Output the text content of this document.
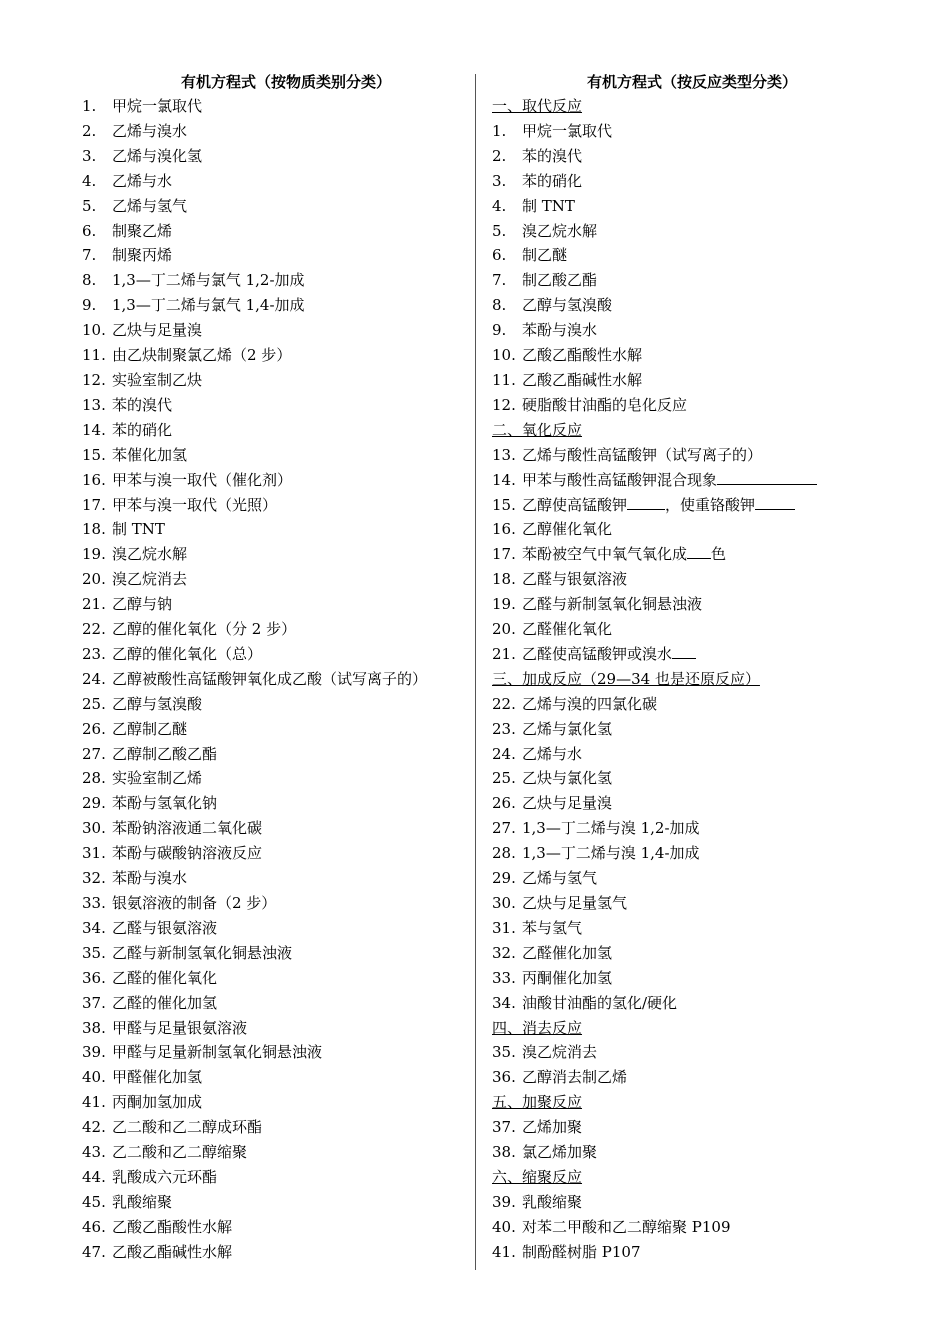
有机方程式（按物质类别分类）
1. 甲烷一氯取代
2. 乙烯与溴水
3. 乙烯与溴化氢
4. 乙烯与水
5. 乙烯与氢气
6. 制聚乙烯
7. 制聚丙烯
8. 1,3—丁二烯与氯气 1,2-加成
9. 1,3—丁二烯与氯气 1,4-加成
10. 乙炔与足量溴
11. 由乙炔制聚氯乙烯（2 步）
12. 实验室制乙炔
13. 苯的溴代
14. 苯的硝化
15. 苯催化加氢
16. 甲苯与溴一取代（催化剂）
17. 甲苯与溴一取代（光照）
18. 制 TNT
19. 溴乙烷水解
20. 溴乙烷消去
21. 乙醇与钠
22. 乙醇的催化氧化（分 2 步）
23. 乙醇的催化氧化（总）
24. 乙醇被酸性高锰酸钾氧化成乙酸（试写离子的）
25. 乙醇与氢溴酸
26. 乙醇制乙醚
27. 乙醇制乙酸乙酯
28. 实验室制乙烯
29. 苯酚与氢氧化钠
30. 苯酚钠溶液通二氧化碳
31. 苯酚与碳酸钠溶液反应
32. 苯酚与溴水
33. 银氨溶液的制备（2 步）
34. 乙醛与银氨溶液
35. 乙醛与新制氢氧化铜悬浊液
36. 乙醛的催化氧化
37. 乙醛的催化加氢
38. 甲醛与足量银氨溶液
39. 甲醛与足量新制氢氧化铜悬浊液
40. 甲醛催化加氢
41. 丙酮加氢加成
42. 乙二酸和乙二醇成环酯
43. 乙二酸和乙二醇缩聚
44. 乳酸成六元环酯
45. 乳酸缩聚
46. 乙酸乙酯酸性水解
47. 乙酸乙酯碱性水解
有机方程式（按反应类型分类）
一、取代反应
1. 甲烷一氯取代
2. 苯的溴代
3. 苯的硝化
4. 制 TNT
5. 溴乙烷水解
6. 制乙醚
7. 制乙酸乙酯
8. 乙醇与氢溴酸
9. 苯酚与溴水
10. 乙酸乙酯酸性水解
11. 乙酸乙酯碱性水解
12. 硬脂酸甘油酯的皂化反应
二、氧化反应
13. 乙烯与酸性高锰酸钾（试写离子的）
14. 甲苯与酸性高锰酸钾混合现象
15. 乙醇使高锰酸钾	，使重铬酸钾
16. 乙醇催化氧化
17. 苯酚被空气中氧气氧化成 色
18. 乙醛与银氨溶液
19. 乙醛与新制氢氧化铜悬浊液
20. 乙醛催化氧化
21. 乙醛使高锰酸钾或溴水
三、加成反应（29—34 也是还原反应）
22. 乙烯与溴的四氯化碳
23. 乙烯与氯化氢
24. 乙烯与水
25. 乙炔与氯化氢
26. 乙炔与足量溴
27. 1,3—丁二烯与溴 1,2-加成
28. 1,3—丁二烯与溴 1,4-加成
29. 乙烯与氢气
30. 乙炔与足量氢气
31. 苯与氢气
32. 乙醛催化加氢
33. 丙酮催化加氢
34. 油酸甘油酯的氢化/硬化
四、消去反应
35. 溴乙烷消去
36. 乙醇消去制乙烯
五、加聚反应
37. 乙烯加聚
38. 氯乙烯加聚
六、缩聚反应
39. 乳酸缩聚
40. 对苯二甲酸和乙二醇缩聚 P109
41. 制酚醛树脂 P107
